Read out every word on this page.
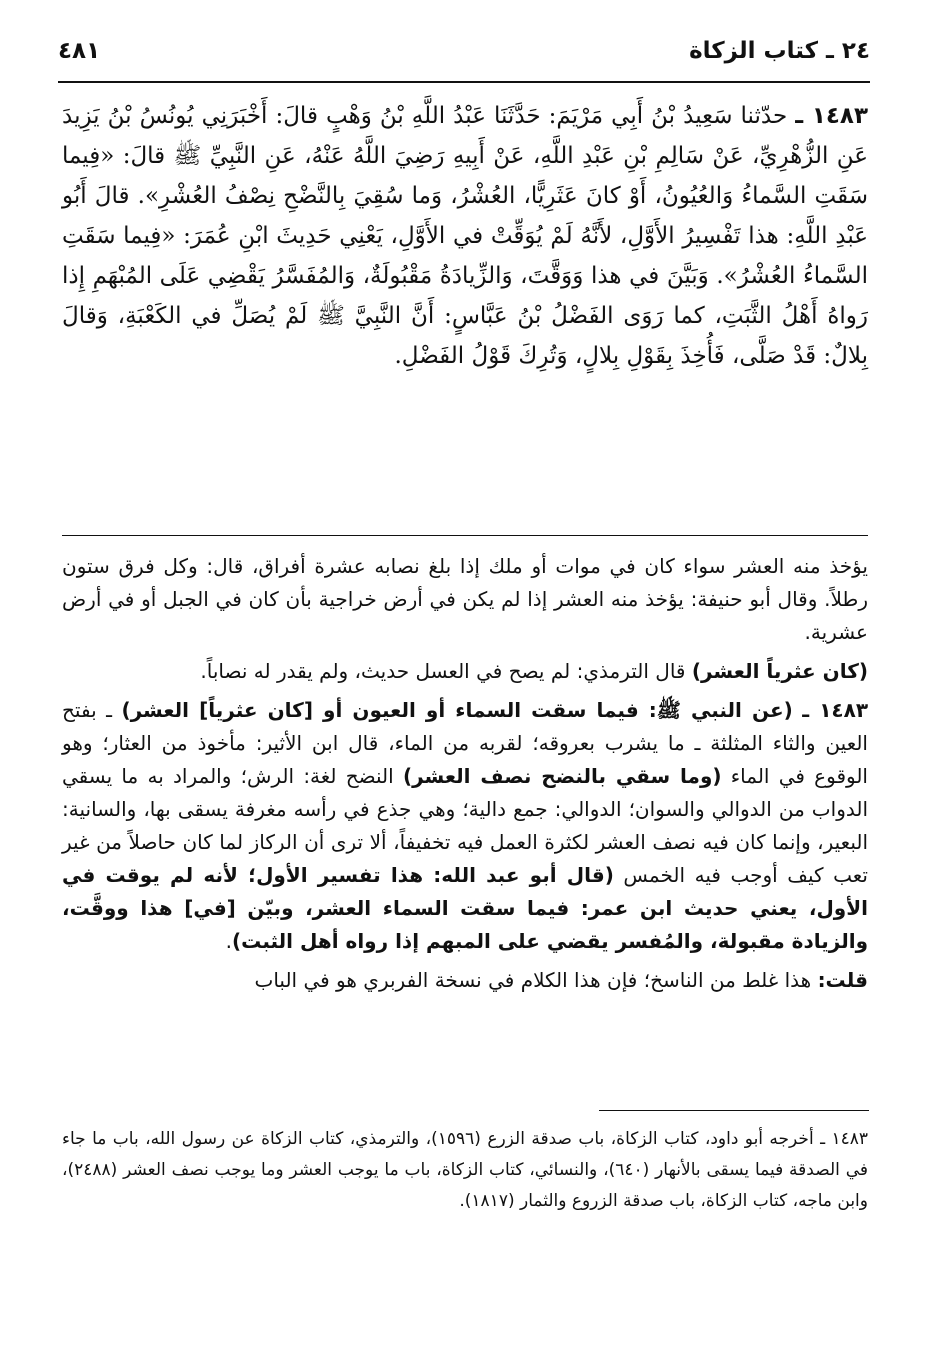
٢٤ ـ كتاب الزكاة
٤٨١

١٤٨٣ ـ حدّثنا سَعِيدُ بْنُ أَبِي مَرْيَمَ: حَدَّثَنَا عَبْدُ اللَّهِ بْنُ وَهْبٍ قالَ: أَخْبَرَنِي يُونُسُ بْنُ يَزِيدَ عَنِ الزُّهْرِيِّ، عَنْ سَالِمِ بْنِ عَبْدِ اللَّهِ، عَنْ أَبِيهِ رَضِيَ اللَّهُ عَنْهُ، عَنِ النَّبِيِّ ﷺ قالَ: «فِيما سَقَتِ السَّماءُ وَالعُيُونُ، أَوْ كانَ عَثَرِيًّا، العُشْرُ، وَما سُقِيَ بِالنَّضْحِ نِصْفُ العُشْرِ». قالَ أَبُو عَبْدِ اللَّهِ: هذا تَفْسِيرُ الأَوَّلِ، لأَنَّهُ لَمْ يُوَقِّتْ في الأَوَّلِ، يَعْنِي حَدِيثَ ابْنِ عُمَرَ: «فِيما سَقَتِ السَّماءُ العُشْرُ». وَبَيَّنَ في هذا وَوَقَّتَ، وَالزِّيادَةُ مَقْبُولَةٌ، وَالمُفَسَّرُ يَقْضِي عَلَى المُبْهَمِ إِذا رَواهُ أَهْلُ الثَّبَتِ، كما رَوَى الفَضْلُ بْنُ عَبَّاسٍ: أَنَّ النَّبِيَّ ﷺ لَمْ يُصَلِّ في الكَعْبَةِ، وَقالَ بِلالٌ: قَدْ صَلَّى، فَأُخِذَ بِقَوْلِ بِلالٍ، وَتُرِكَ قَوْلُ الفَضْلِ.

يؤخذ منه العشر سواء كان في موات أو ملك إذا بلغ نصابه عشرة أفراق، قال: وكل فرق ستون رطلاً. وقال أبو حنيفة: يؤخذ منه العشر إذا لم يكن في أرض خراجية بأن كان في الجبل أو في أرض عشرية.

(كان عثرياً العشر) قال الترمذي: لم يصح في العسل حديث، ولم يقدر له نصاباً.

١٤٨٣ ـ (عن النبي ﷺ: فيما سقت السماء أو العيون أو [كان عثرياً] العشر) ـ بفتح العين والثاء المثلثة ـ ما يشرب بعروقه؛ لقربه من الماء، قال ابن الأثير: مأخوذ من العثار؛ وهو الوقوع في الماء (وما سقي بالنضح نصف العشر) النضح لغة: الرش؛ والمراد به ما يسقي الدواب من الدوالي والسوان؛ الدوالي: جمع دالية؛ وهي جذع في رأسه مغرفة يسقى بها، والسانية: البعير، وإنما كان فيه نصف العشر لكثرة العمل فيه تخفيفاً، ألا ترى أن الركاز لما كان حاصلاً من غير تعب كيف أوجب فيه الخمس (قال أبو عبد الله: هذا تفسير الأول؛ لأنه لم يوقت في الأول، يعني حديث ابن عمر: فيما سقت السماء العشر، وبيّن [في] هذا ووقَّت، والزيادة مقبولة، والمُفسر يقضي على المبهم إذا رواه أهل الثبت).

قلت: هذا غلط من الناسخ؛ فإن هذا الكلام في نسخة الفربري هو في الباب

١٤٨٣ ـ أخرجه أبو داود، كتاب الزكاة، باب صدقة الزرع (١٥٩٦)، والترمذي، كتاب الزكاة عن رسول الله، باب ما جاء في الصدقة فيما يسقى بالأنهار (٦٤٠)، والنسائي، كتاب الزكاة، باب ما يوجب العشر وما يوجب نصف العشر (٢٤٨٨)، وابن ماجه، كتاب الزكاة، باب صدقة الزروع والثمار (١٨١٧).
